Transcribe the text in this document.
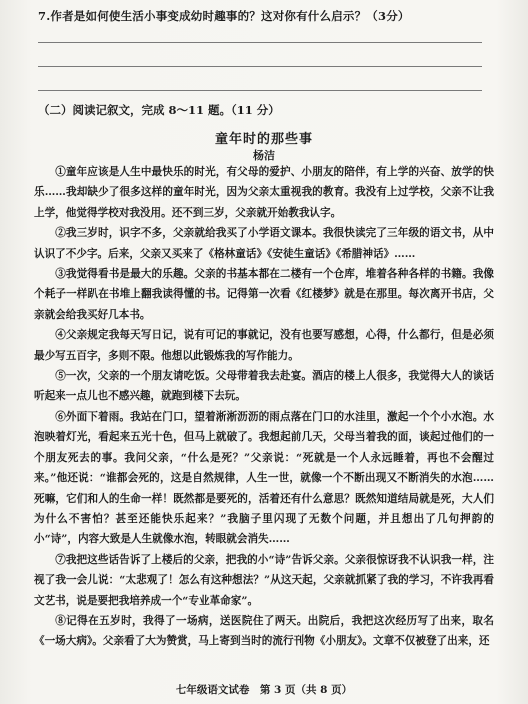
7.作者是如何使生活小事变成幼时趣事的？这对你有什么启示？（3分）
（二）阅读记叙文，完成 8～11 题。（11 分）
童年时的那些事
杨洁

①童年应该是人生中最快乐的时光，有父母的爱护、小朋友的陪伴，有上学的兴奋、放学的快乐……我却缺少了很多这样的童年时光，因为父亲太重视我的教育。我没有上过学校，父亲不让我上学，他觉得学校对我没用。还不到三岁，父亲就开始教我认字。

②我三岁时，识字不多，父亲就给我买了小学语文课本。我很快读完了三年级的语文书，从中认识了不少字。后来，父亲又买来了《格林童话》《安徒生童话》《希腊神话》……

③我觉得看书是最大的乐趣。父亲的书基本都在二楼有一个仓库，堆着各种各样的书籍。我像个耗子一样趴在书堆上翻我读得懂的书。记得第一次看《红楼梦》就是在那里。每次离开书店，父亲就会给我买好几本书。

④父亲规定我每天写日记，说有可记的事就记，没有也要写感想，心得，什么都行，但是必须最少写五百字，多则不限。他想以此锻炼我的写作能力。

⑤一次，父亲的一个朋友请吃饭。父母带着我去赴宴。酒店的楼上人很多，我觉得大人的谈话听起来一点儿也不感兴趣，就跑到楼下去玩。

⑥外面下着雨。我站在门口，望着淅淅沥沥的雨点落在门口的水洼里，激起一个个小水泡。水泡映着灯光，看起来五光十色，但马上就破了。我想起前几天，父母当着我的面，谈起过他们的一个朋友死去的事。我问父亲，“什么是死？”父亲说：“死就是一个人永远睡着，再也不会醒过来。”他还说：“谁都会死的，这是自然规律，人生一世，就像一个不断出现又不断消失的水泡……死嘛，它们和人的生命一样！既然都是要死的，活着还有什么意思？既然知道结局就是死，大人们为什么不害怕？甚至还能快乐起来？”我脑子里闪现了无数个问题，并且想出了几句押韵的小“诗”，内容大致是人生就像水泡，转眼就会消失……

⑦我把这些话告诉了上楼后的父亲，把我的小“诗”告诉父亲。父亲很惊讶我不认识我一样，注视了我一会儿说：“太悲观了！怎么有这种想法？”从这天起，父亲就抓紧了我的学习，不许我再看文艺书，说是要把我培养成一个“专业革命家”。

⑧记得在五岁时，我得了一场病，送医院住了两天。出院后，我把这次经历写了出来，取名《一场大病》。父亲看了大为赞赏，马上寄到当时的流行刊物《小朋友》。文章不仅被登了出来，还

七年级语文试卷　第 3 页（共 8 页）
